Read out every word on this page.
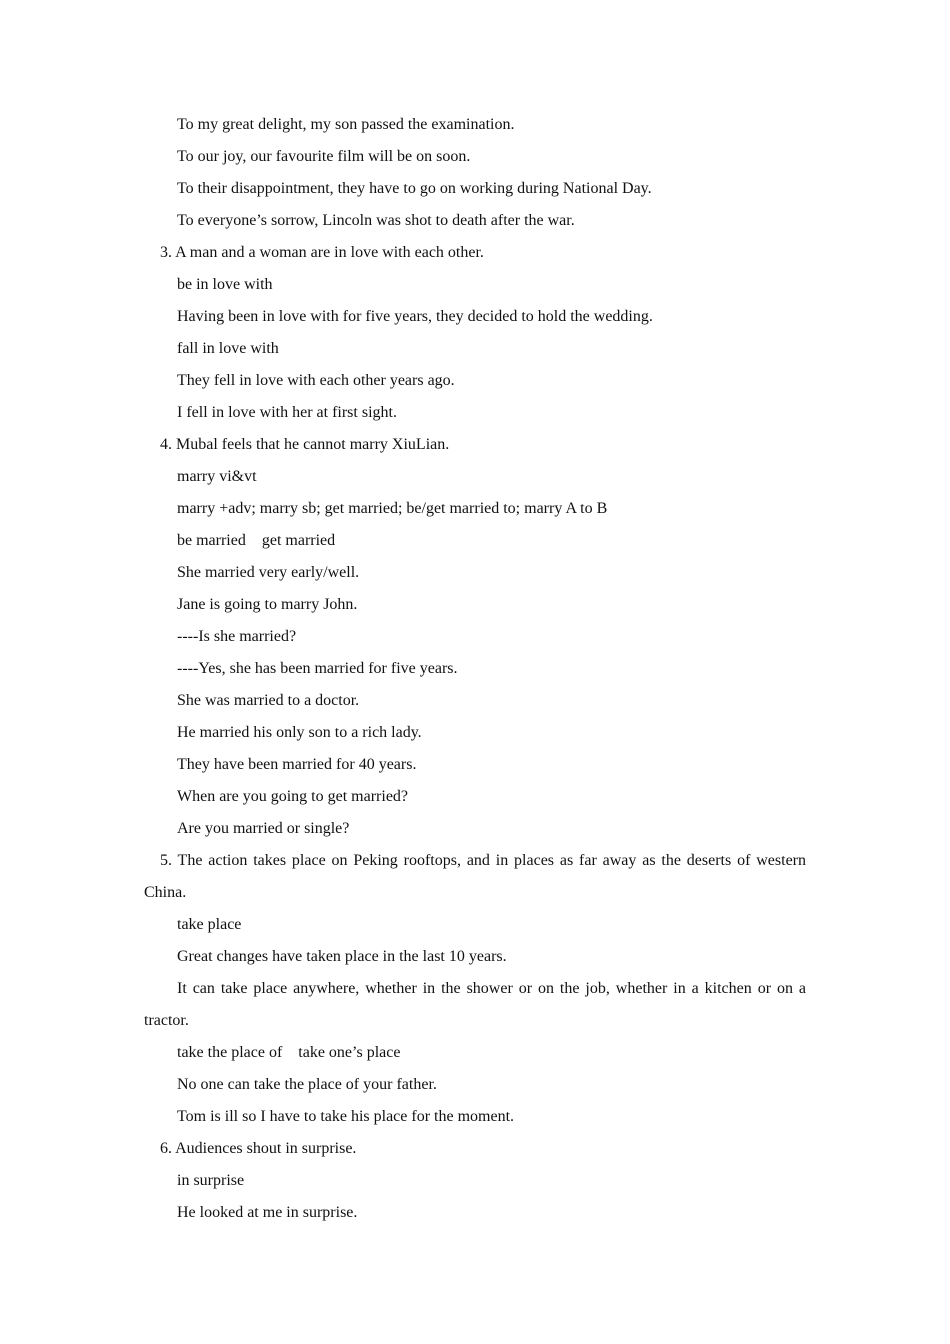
To my great delight, my son passed the examination.

To our joy, our favourite film will be on soon.

To their disappointment, they have to go on working during National Day.

To everyone’s sorrow, Lincoln was shot to death after the war.

3. A man and a woman are in love with each other.

be in love with

Having been in love with for five years, they decided to hold the wedding.

fall in love with

They fell in love with each other years ago.

I fell in love with her at first sight.

4. Mubal feels that he cannot marry XiuLian.

marry vi&vt

marry +adv; marry sb; get married; be/get married to; marry A to B

be married　get married

She married very early/well.

Jane is going to marry John.

----Is she married?

----Yes, she has been married for five years.

She was married to a doctor.

He married his only son to a rich lady.

They have been married for 40 years.

When are you going to get married?

Are you married or single?

5. The action takes place on Peking rooftops, and in places as far away as the deserts of western

China.

take place

Great changes have taken place in the last 10 years.

It can take place anywhere, whether in the shower or on the job, whether in a kitchen or on a

tractor.

take the place of　take one’s place

No one can take the place of your father.

Tom is ill so I have to take his place for the moment.

6. Audiences shout in surprise.

in surprise

He looked at me in surprise.
